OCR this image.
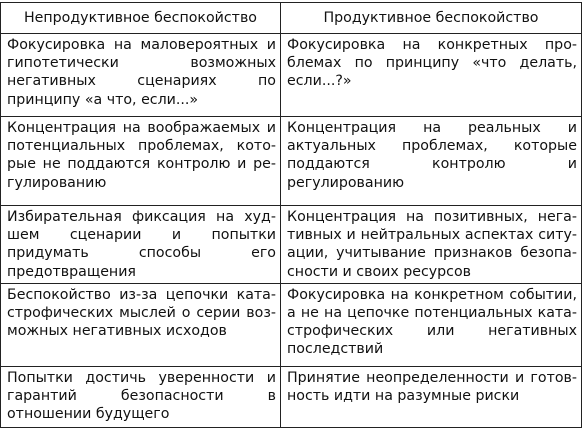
Непродуктивное беспокойство	Продуктивное беспокойство
Фокусировка на маловероятных и гипотетически возможных негативных сценариях по принципу «а что, если...»	Фокусировка на конкретных проблемах по принципу «что делать, если...?»
Концентрация на воображаемых и потенциальных проблемах, которые не поддаются контролю и регулированию	Концентрация на реальных и актуальных проблемах, которые поддаются контролю и регулированию
Избирательная фиксация на худшем сценарии и попытки придумать способы его предотвращения	Концентрация на позитивных, негативных и нейтральных аспектах ситуации, учитывание признаков безопасности и своих ресурсов
Беспокойство из-за цепочки катастрофических мыслей о серии возможных негативных исходов	Фокусировка на конкретном событии, а не на цепочке потенциальных катастрофических или негативных последствий
Попытки достичь уверенности и гарантий безопасности в отношении будущего	Принятие неопределенности и готовность идти на разумные риски
